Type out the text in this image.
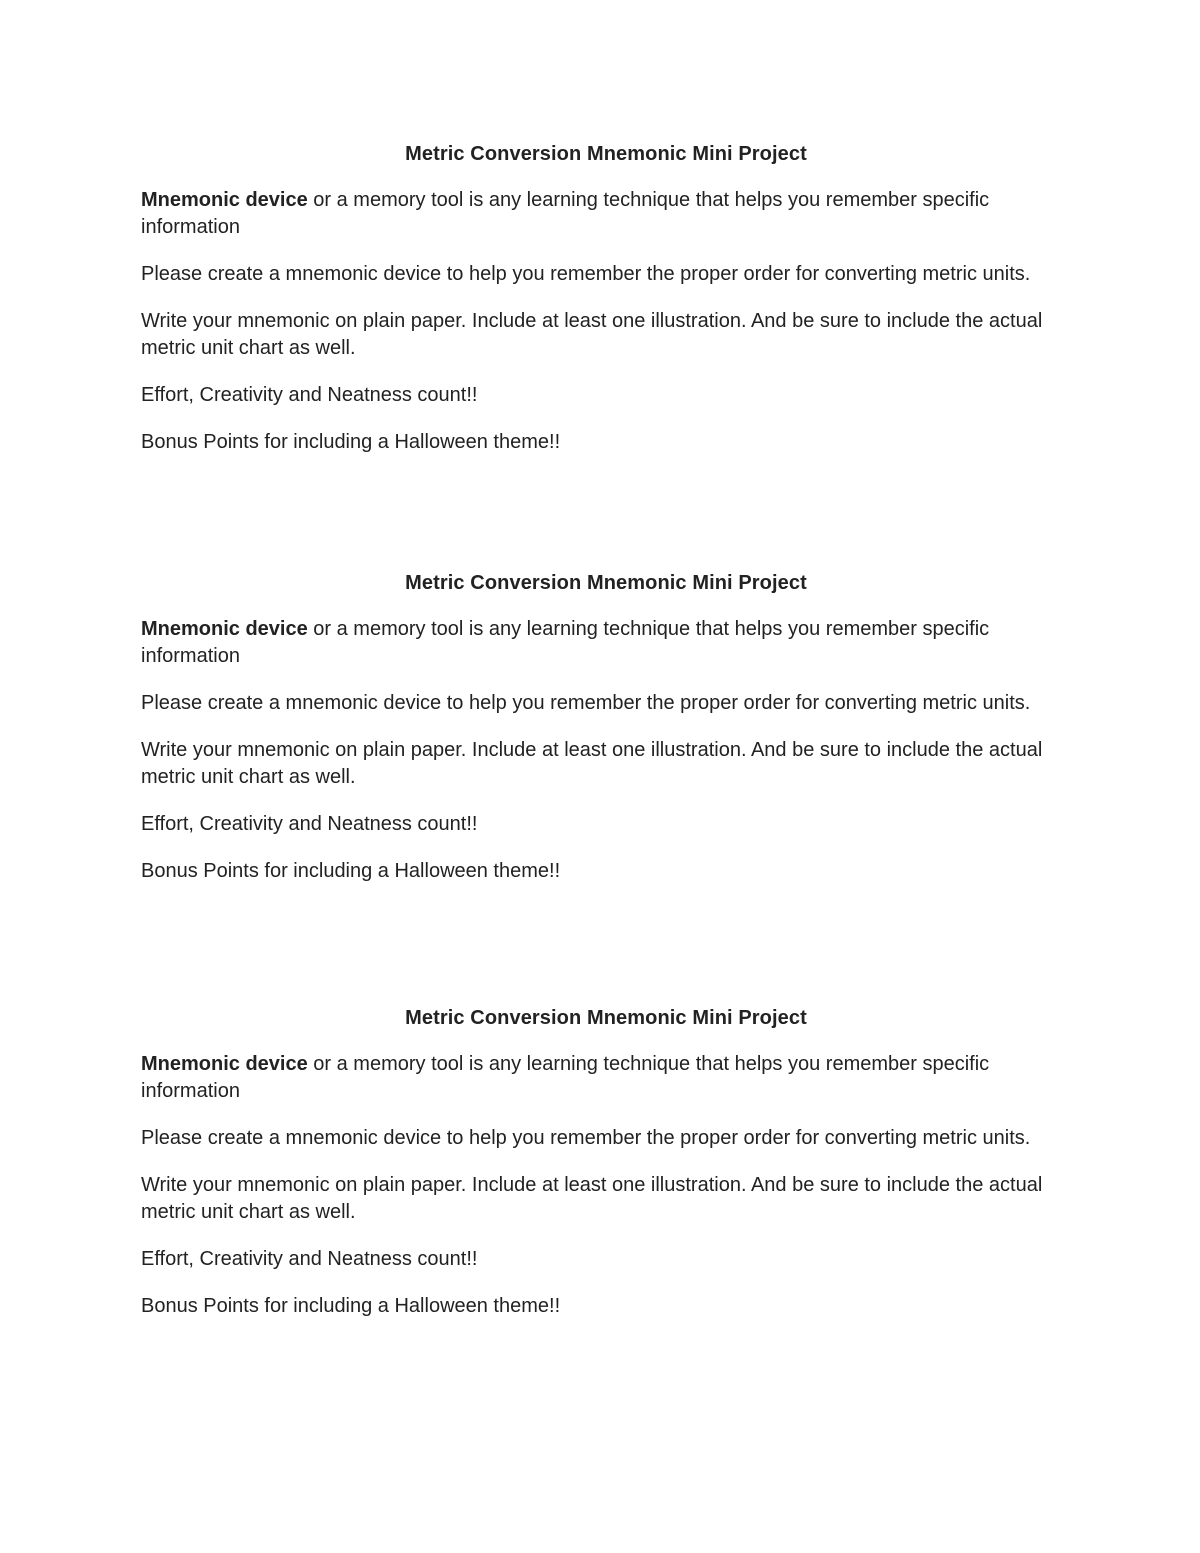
Metric Conversion Mnemonic Mini Project

Mnemonic device or a memory tool is any learning technique that helps you remember specific information

Please create a mnemonic device to help you remember the proper order for converting metric units.

Write your mnemonic on plain paper. Include at least one illustration. And be sure to include the actual metric unit chart as well.

Effort, Creativity and Neatness count!!

Bonus Points for including a Halloween theme!!

Metric Conversion Mnemonic Mini Project

Mnemonic device or a memory tool is any learning technique that helps you remember specific information

Please create a mnemonic device to help you remember the proper order for converting metric units.

Write your mnemonic on plain paper. Include at least one illustration. And be sure to include the actual metric unit chart as well.

Effort, Creativity and Neatness count!!

Bonus Points for including a Halloween theme!!

Metric Conversion Mnemonic Mini Project

Mnemonic device or a memory tool is any learning technique that helps you remember specific information

Please create a mnemonic device to help you remember the proper order for converting metric units.

Write your mnemonic on plain paper. Include at least one illustration. And be sure to include the actual metric unit chart as well.

Effort, Creativity and Neatness count!!

Bonus Points for including a Halloween theme!!
